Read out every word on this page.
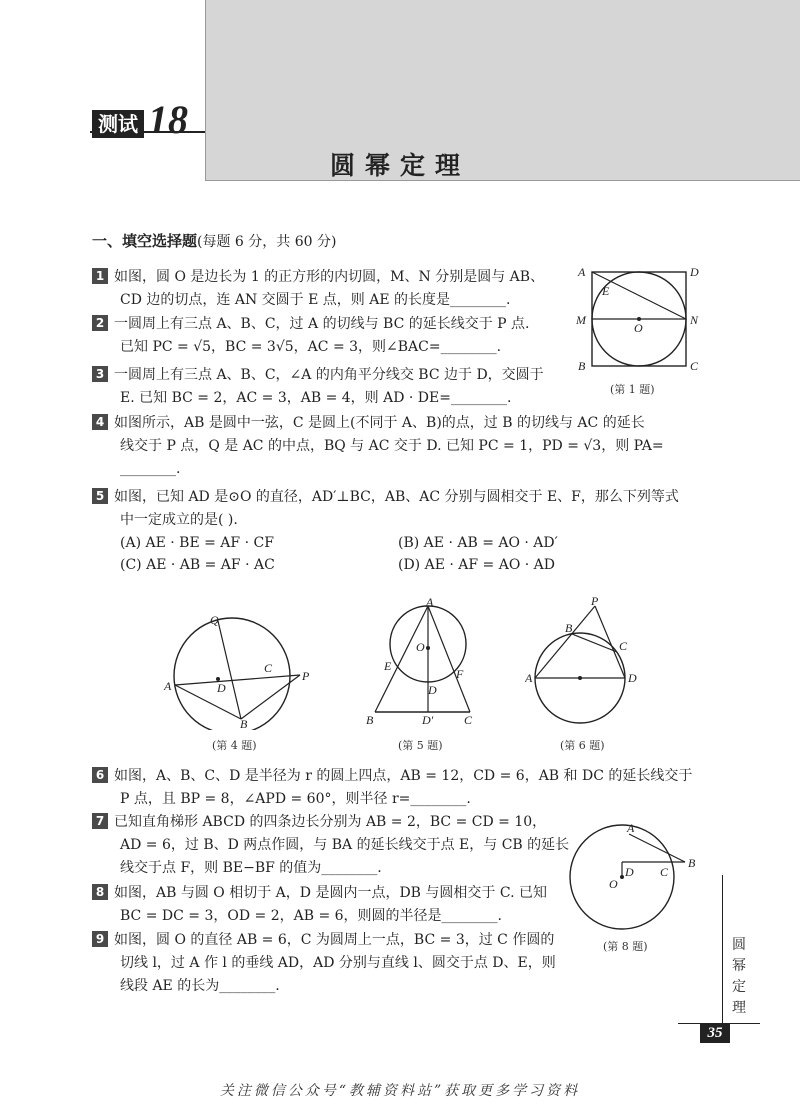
测试 18
圆幂定理
一、填空选择题(每题 6 分，共 60 分)
1 如图，圆 O 是边长为 1 的正方形的内切圆，M、N 分别是圆与 AB、
CD 边的切点，连 AN 交圆于 E 点，则 AE 的长度是________.
2 一圆周上有三点 A、B、C，过 A 的切线与 BC 的延长线交于 P 点.
已知 PC = √5，BC = 3√5，AC = 3，则∠BAC=________.
3 一圆周上有三点 A、B、C，∠A 的内角平分线交 BC 边于 D，交圆于
E. 已知 BC = 2，AC = 3，AB = 4，则 AD · DE=________.
A	D
E
M
O
N
B	C
(第 1 题)
4 如图所示，AB 是圆中一弦，C 是圆上(不同于 A、B)的点，过 B 的切线与 AC 的延长
线交于 P 点，Q 是 AC 的中点，BQ 与 AC 交于 D. 已知 PC = 1，PD = √3，则 PA=
________.
5 如图，已知 AD 是⊙O 的直径，AD′⊥BC，AB、AC 分别与圆相交于 E、F，那么下列等式
中一定成立的是( ).
(A) AE · BE = AF · CF	(B) AE · AB = AO · AD′
(C) AE · AB = AF · AC	(D) AE · AF = AO · AD
Q
C
P
A	D
B
(第 4 题)
A
O
E
F
D
B	D′	C
(第 5 题)
P
B
C
A	D
(第 6 题)
6 如图，A、B、C、D 是半径为 r 的圆上四点，AB = 12，CD = 6，AB 和 DC 的延长线交于
P 点，且 BP = 8，∠APD = 60°，则半径 r=________.
7 已知直角梯形 ABCD 的四条边长分别为 AB = 2，BC = CD = 10，
AD = 6，过 B、D 两点作圆，与 BA 的延长线交于点 E，与 CB 的延长
线交于点 F，则 BE−BF 的值为________.
8 如图，AB 与圆 O 相切于 A，D 是圆内一点，DB 与圆相交于 C. 已知
BC = DC = 3，OD = 2，AB = 6，则圆的半径是________.
9 如图，圆 O 的直径 AB = 6，C 为圆周上一点，BC = 3，过 C 作圆的
切线 l，过 A 作 l 的垂线 AD，AD 分别与直线 l、圆交于点 D、E，则
线段 AE 的长为________.
A
B
O
D C
(第 8 题)	圆幂定理
35
关注微信公众号“教辅资料站”获取更多学习资料
